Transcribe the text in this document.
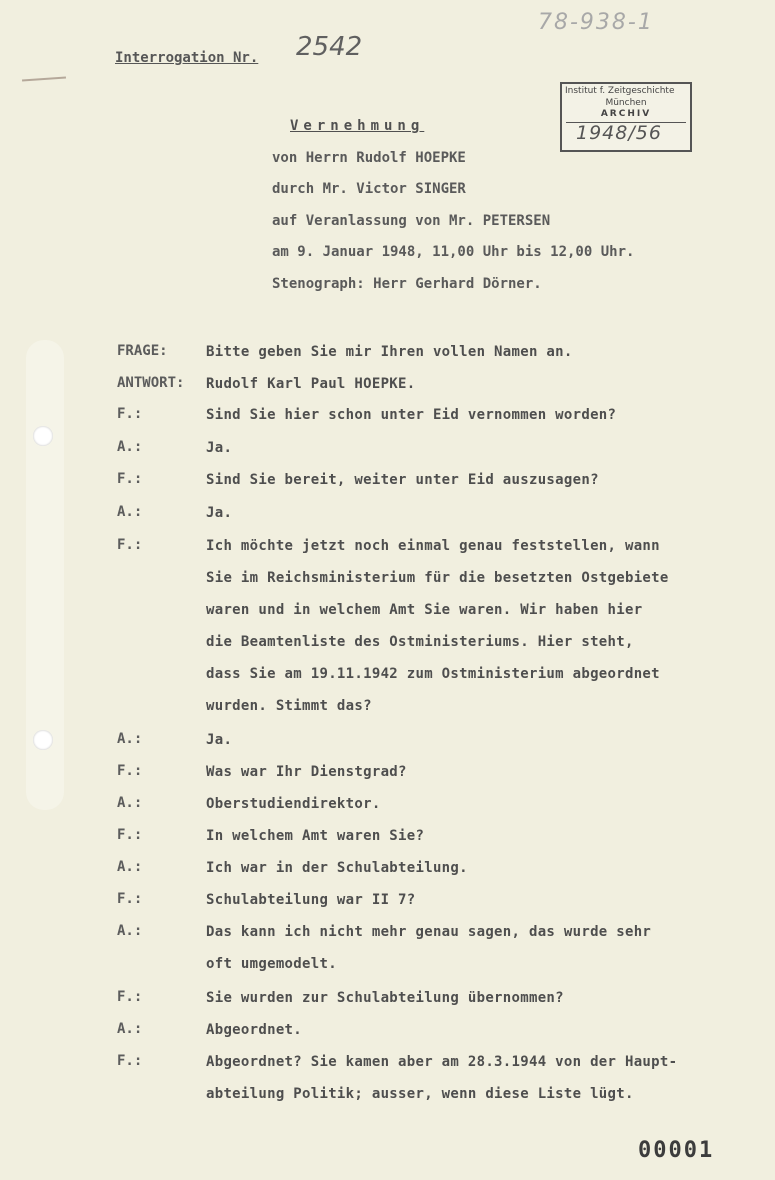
78-938-1
Interrogation Nr. 2542
Institut f. Zeitgeschichte
München
ARCHIV
1948/56
Vernehmung
von Herrn Rudolf HOEPKE
durch Mr. Victor SINGER
auf Veranlassung von Mr. PETERSEN
am 9. Januar 1948, 11,00 Uhr bis 12,00 Uhr.
Stenograph: Herr Gerhard Dörner.
FRAGE:	Bitte geben Sie mir Ihren vollen Namen an.
ANTWORT: Rudolf Karl Paul HOEPKE.
F.:	Sind Sie hier schon unter Eid vernommen worden?
A.:	Ja.
F.:	Sind Sie bereit, weiter unter Eid auszusagen?
A.:	Ja.
F.:	Ich möchte jetzt noch einmal genau feststellen, wann
Sie im Reichsministerium für die besetzten Ostgebiete
waren und in welchem Amt Sie waren. Wir haben hier
die Beamtenliste des Ostministeriums. Hier steht,
dass Sie am 19.11.1942 zum Ostministerium abgeordnet
wurden. Stimmt das?
A.:	Ja.
F.:	Was war Ihr Dienstgrad?
A.:	Oberstudiendirektor.
F.:	In welchem Amt waren Sie?
A.:	Ich war in der Schulabteilung.
F.:	Schulabteilung war II 7?
A.:	Das kann ich nicht mehr genau sagen, das wurde sehr
oft umgemodelt.
F.:	Sie wurden zur Schulabteilung übernommen?
A.:	Abgeordnet.
F.:	Abgeordnet? Sie kamen aber am 28.3.1944 von der Haupt-
abteilung Politik; ausser, wenn diese Liste lügt.
00001
